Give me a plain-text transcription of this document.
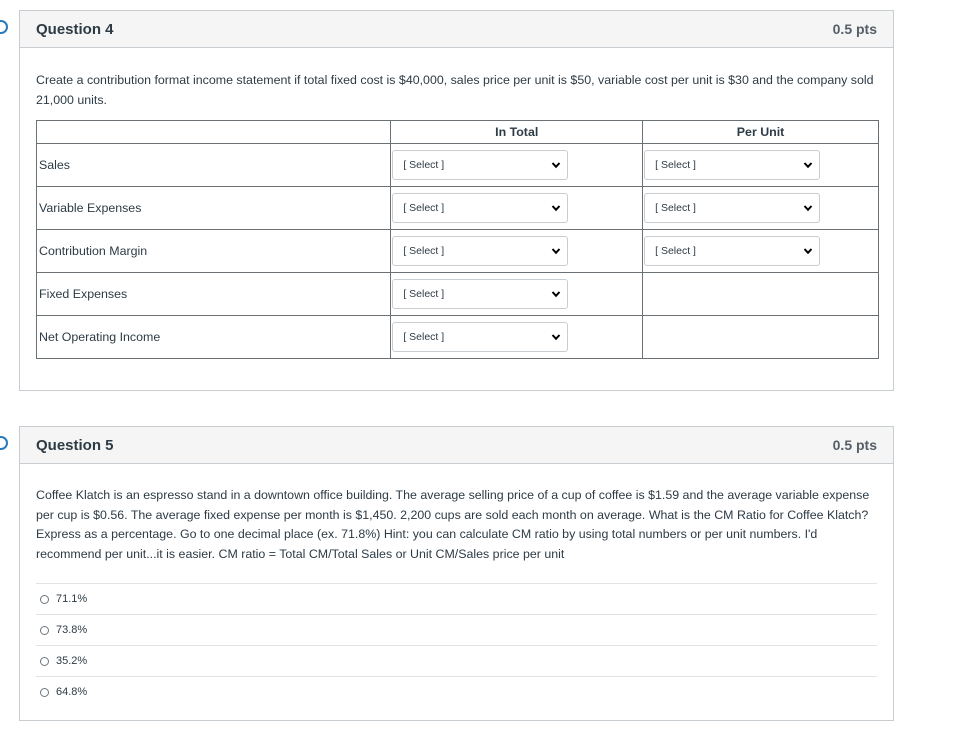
Question 4	0.5 pts

Create a contribution format income statement if total fixed cost is $40,000, sales price per unit is $50, variable cost per unit is $30 and the company sold 21,000 units.

	In Total	Per Unit
Sales	[ Select ]	[ Select ]

Variable Expenses	[ Select ]	[ Select ]

Contribution Margin	[ Select ]	[ Select ]

Fixed Expenses	[ Select ]	

Net Operating Income	[ Select ]	

Question 5	0.5 pts

Coffee Klatch is an espresso stand in a downtown office building. The average selling price of a cup of coffee is $1.59 and the average variable expense per cup is $0.56. The average fixed expense per month is $1,450. 2,200 cups are sold each month on average. What is the CM Ratio for Coffee Klatch? Express as a percentage. Go to one decimal place (ex. 71.8%) Hint: you can calculate CM ratio by using total numbers or per unit numbers. I'd recommend per unit...it is easier. CM ratio = Total CM/Total Sales or Unit CM/Sales price per unit

71.1%
73.8%
35.2%
64.8%
